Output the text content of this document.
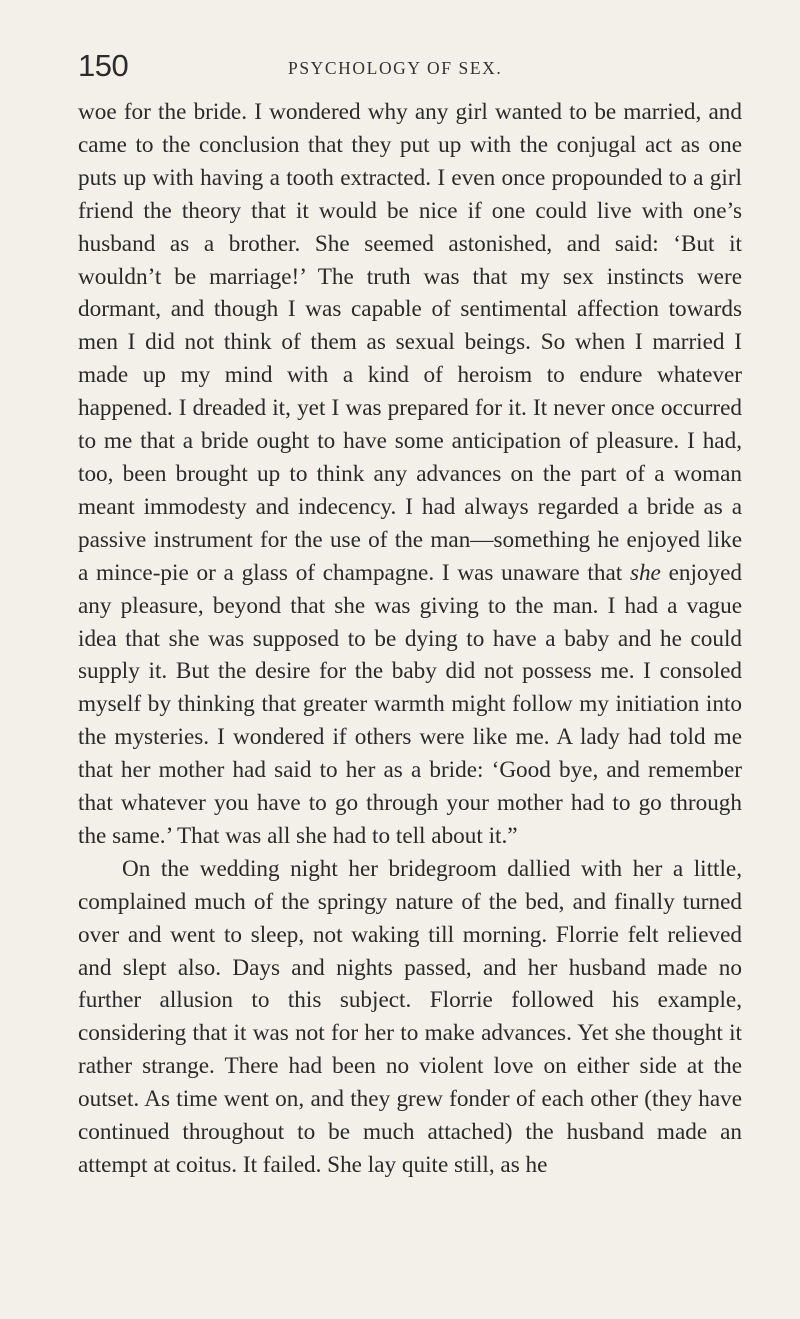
150	PSYCHOLOGY OF SEX.

woe for the bride. I wondered why any girl wanted to be married, and came to the conclusion that they put up with the conjugal act as one puts up with having a tooth extracted. I even once propounded to a girl friend the theory that it would be nice if one could live with one’s husband as a brother. She seemed astonished, and said: ‘But it wouldn’t be marriage!’ The truth was that my sex instincts were dormant, and though I was capable of sentimental affection towards men I did not think of them as sexual beings. So when I married I made up my mind with a kind of heroism to endure whatever happened. I dreaded it, yet I was prepared for it. It never once occurred to me that a bride ought to have some anticipation of pleasure. I had, too, been brought up to think any advances on the part of a woman meant immodesty and indecency. I had always regarded a bride as a passive instrument for the use of the man—something he enjoyed like a mince-pie or a glass of champagne. I was unaware that she enjoyed any pleasure, beyond that she was giving to the man. I had a vague idea that she was supposed to be dying to have a baby and he could supply it. But the desire for the baby did not possess me. I consoled myself by thinking that greater warmth might follow my initiation into the mysteries. I wondered if others were like me. A lady had told me that her mother had said to her as a bride: ‘Good bye, and remember that whatever you have to go through your mother had to go through the same.’ That was all she had to tell about it.”

On the wedding night her bridegroom dallied with her a little, complained much of the springy nature of the bed, and finally turned over and went to sleep, not waking till morning. Florrie felt relieved and slept also. Days and nights passed, and her husband made no further allusion to this subject. Florrie followed his example, considering that it was not for her to make advances. Yet she thought it rather strange. There had been no violent love on either side at the outset. As time went on, and they grew fonder of each other (they have continued throughout to be much attached) the husband made an attempt at coitus. It failed. She lay quite still, as he
